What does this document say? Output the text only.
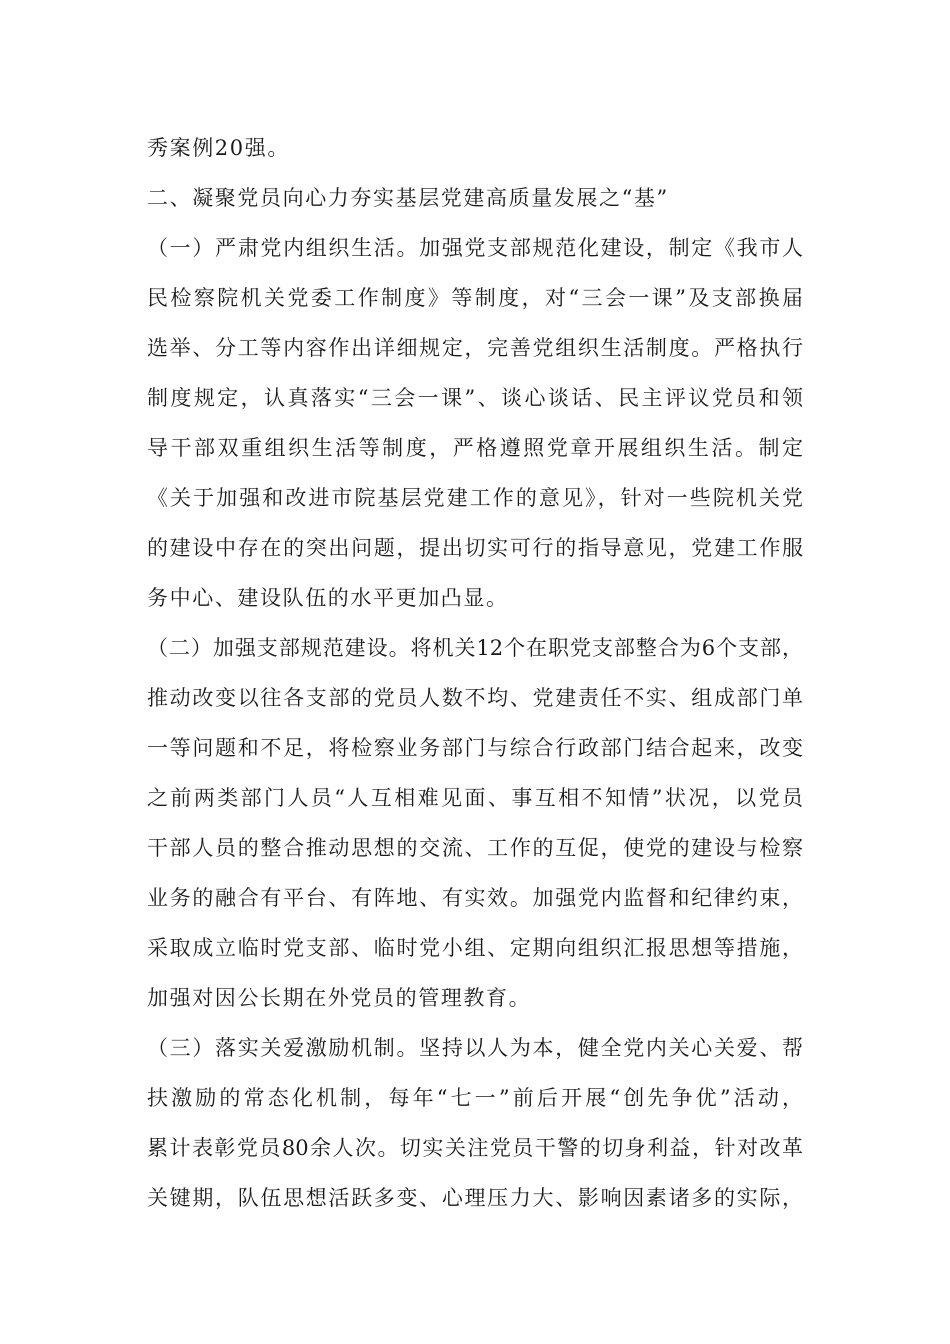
秀案例20强。
二、凝聚党员向心力夯实基层党建高质量发展之“基”
（一）严肃党内组织生活。加强党支部规范化建设，制定《我市人
民检察院机关党委工作制度》等制度，对“三会一课”及支部换届
选举、分工等内容作出详细规定，完善党组织生活制度。严格执行
制度规定，认真落实“三会一课”、谈心谈话、民主评议党员和领
导干部双重组织生活等制度，严格遵照党章开展组织生活。制定
《关于加强和改进市院基层党建工作的意见》，针对一些院机关党
的建设中存在的突出问题，提出切实可行的指导意见，党建工作服
务中心、建设队伍的水平更加凸显。
（二）加强支部规范建设。将机关12个在职党支部整合为6个支部，
推动改变以往各支部的党员人数不均、党建责任不实、组成部门单
一等问题和不足，将检察业务部门与综合行政部门结合起来，改变
之前两类部门人员“人互相难见面、事互相不知情”状况，以党员
干部人员的整合推动思想的交流、工作的互促，使党的建设与检察
业务的融合有平台、有阵地、有实效。加强党内监督和纪律约束，
采取成立临时党支部、临时党小组、定期向组织汇报思想等措施，
加强对因公长期在外党员的管理教育。
（三）落实关爱激励机制。坚持以人为本，健全党内关心关爱、帮
扶激励的常态化机制，每年“七一”前后开展“创先争优”活动，
累计表彰党员80余人次。切实关注党员干警的切身利益，针对改革
关键期，队伍思想活跃多变、心理压力大、影响因素诸多的实际，
